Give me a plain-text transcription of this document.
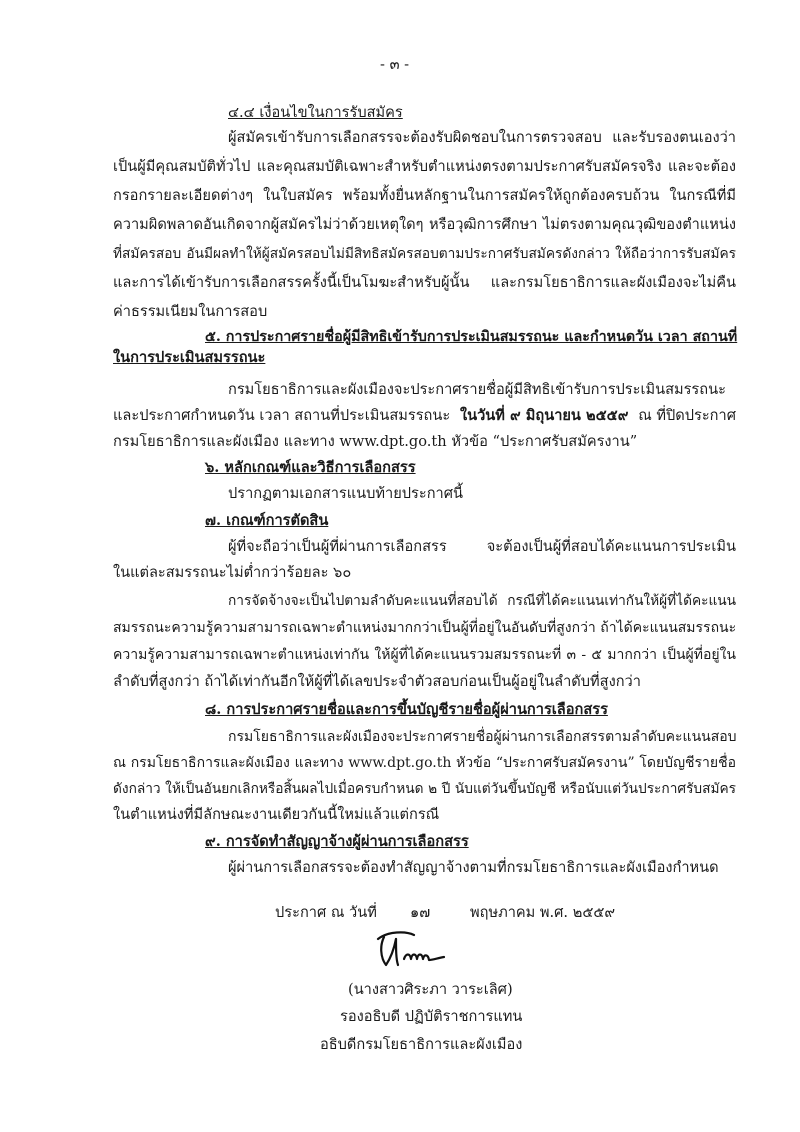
- ๓ -
๔.๔ เงื่อนไขในการรับสมัคร
ผู้สมัครเข้ารับการเลือกสรรจะต้องรับผิดชอบในการตรวจสอบ และรับรองตนเองว่า
เป็นผู้มีคุณสมบัติทั่วไป และคุณสมบัติเฉพาะสำหรับตำแหน่งตรงตามประกาศรับสมัครจริง และจะต้อง
กรอกรายละเอียดต่างๆ ในใบสมัคร พร้อมทั้งยื่นหลักฐานในการสมัครให้ถูกต้องครบถ้วน ในกรณีที่มี
ความผิดพลาดอันเกิดจากผู้สมัครไม่ว่าด้วยเหตุใดๆ หรือวุฒิการศึกษา ไม่ตรงตามคุณวุฒิของตำแหน่ง
ที่สมัครสอบ อันมีผลทำให้ผู้สมัครสอบไม่มีสิทธิสมัครสอบตามประกาศรับสมัครดังกล่าว ให้ถือว่าการรับสมัคร
และการได้เข้ารับการเลือกสรรครั้งนี้เป็นโมฆะสำหรับผู้นั้น และกรมโยธาธิการและผังเมืองจะไม่คืน
ค่าธรรมเนียมในการสอบ
๕. การประกาศรายชื่อผู้มีสิทธิเข้ารับการประเมินสมรรถนะ และกำหนดวัน เวลา สถานที่
ในการประเมินสมรรถนะ
กรมโยธาธิการและผังเมืองจะประกาศรายชื่อผู้มีสิทธิเข้ารับการประเมินสมรรถนะ
และประกาศกำหนดวัน เวลา สถานที่ประเมินสมรรถนะ ในวันที่ ๙ มิถุนายน ๒๕๕๙ ณ ที่ปิดประกาศ
กรมโยธาธิการและผังเมือง และทาง www.dpt.go.th หัวข้อ “ประกาศรับสมัครงาน”
๖. หลักเกณฑ์และวิธีการเลือกสรร
ปรากฏตามเอกสารแนบท้ายประกาศนี้
๗. เกณฑ์การตัดสิน
ผู้ที่จะถือว่าเป็นผู้ที่ผ่านการเลือกสรร จะต้องเป็นผู้ที่สอบได้คะแนนการประเมิน
ในแต่ละสมรรถนะไม่ต่ำกว่าร้อยละ ๖๐
การจัดจ้างจะเป็นไปตามลำดับคะแนนที่สอบได้ กรณีที่ได้คะแนนเท่ากันให้ผู้ที่ได้คะแนน
สมรรถนะความรู้ความสามารถเฉพาะตำแหน่งมากกว่าเป็นผู้ที่อยู่ในอันดับที่สูงกว่า ถ้าได้คะแนนสมรรถนะ
ความรู้ความสามารถเฉพาะตำแหน่งเท่ากัน ให้ผู้ที่ได้คะแนนรวมสมรรถนะที่ ๓ - ๕ มากกว่า เป็นผู้ที่อยู่ใน
ลำดับที่สูงกว่า ถ้าได้เท่ากันอีกให้ผู้ที่ได้เลขประจำตัวสอบก่อนเป็นผู้อยู่ในลำดับที่สูงกว่า
๘. การประกาศรายชื่อและการขึ้นบัญชีรายชื่อผู้ผ่านการเลือกสรร
กรมโยธาธิการและผังเมืองจะประกาศรายชื่อผู้ผ่านการเลือกสรรตามลำดับคะแนนสอบ
ณ กรมโยธาธิการและผังเมือง และทาง www.dpt.go.th หัวข้อ “ประกาศรับสมัครงาน” โดยบัญชีรายชื่อ
ดังกล่าว ให้เป็นอันยกเลิกหรือสิ้นผลไปเมื่อครบกำหนด ๒ ปี นับแต่วันขึ้นบัญชี หรือนับแต่วันประกาศรับสมัคร
ในตำแหน่งที่มีลักษณะงานเดียวกันนี้ใหม่แล้วแต่กรณี
๙. การจัดทำสัญญาจ้างผู้ผ่านการเลือกสรร
ผู้ผ่านการเลือกสรรจะต้องทำสัญญาจ้างตามที่กรมโยธาธิการและผังเมืองกำหนด
ประกาศ ณ วันที่ ๑๗	พฤษภาคม พ.ศ. ๒๕๕๙
(นางสาวศิระภา วาระเลิศ)
รองอธิบดี ปฏิบัติราชการแทน
อธิบดีกรมโยธาธิการและผังเมือง
